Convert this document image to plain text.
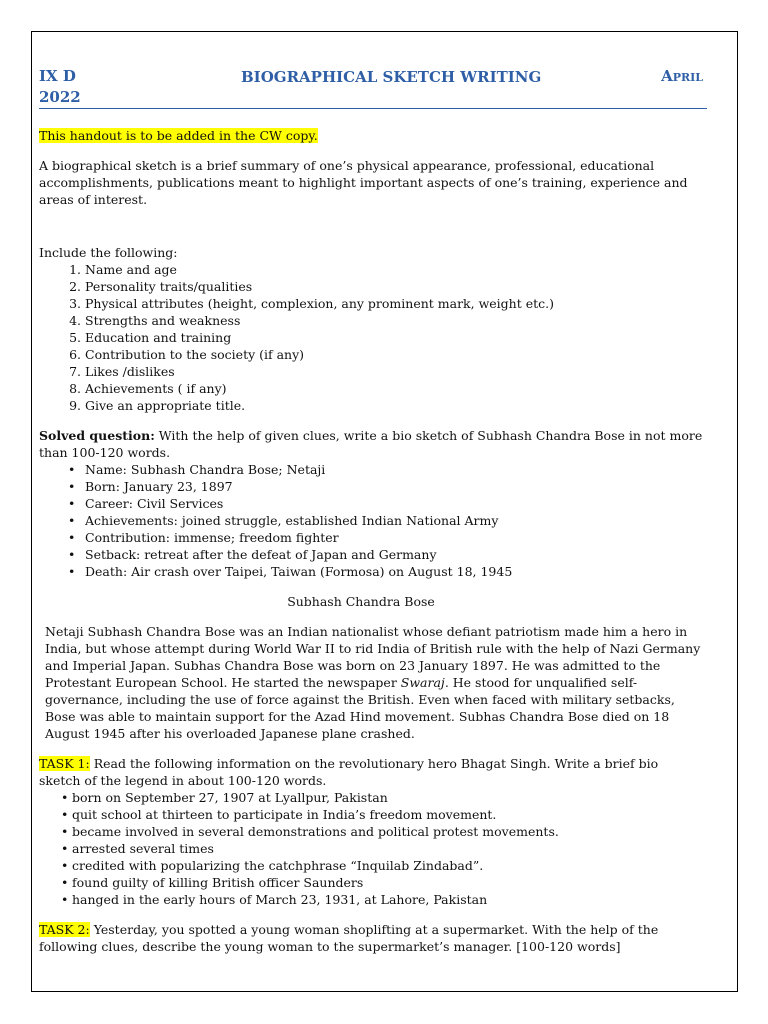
IX D	BIOGRAPHICAL SKETCH WRITING	April
2022

This handout is to be added in the CW copy.

A biographical sketch is a brief summary of one’s physical appearance, professional, educational accomplishments, publications meant to highlight important aspects of one’s training, experience and areas of interest.

Include the following:

1. Name and age
2. Personality traits/qualities
3. Physical attributes (height, complexion, any prominent mark, weight etc.)
4. Strengths and weakness
5. Education and training
6. Contribution to the society (if any)
7. Likes /dislikes
8. Achievements ( if any)
9. Give an appropriate title.

Solved question: With the help of given clues, write a bio sketch of Subhash Chandra Bose in not more than 100-120 words.

• Name: Subhash Chandra Bose; Netaji
• Born: January 23, 1897
• Career: Civil Services
• Achievements: joined struggle, established Indian National Army
• Contribution: immense; freedom fighter
• Setback: retreat after the defeat of Japan and Germany
• Death: Air crash over Taipei, Taiwan (Formosa) on August 18, 1945

Subhash Chandra Bose

Netaji Subhash Chandra Bose was an Indian nationalist whose defiant patriotism made him a hero in India, but whose attempt during World War II to rid India of British rule with the help of Nazi Germany and Imperial Japan. Subhas Chandra Bose was born on 23 January 1897. He was admitted to the Protestant European School. He started the newspaper Swaraj. He stood for unqualified self-governance, including the use of force against the British. Even when faced with military setbacks, Bose was able to maintain support for the Azad Hind movement. Subhas Chandra Bose died on 18 August 1945 after his overloaded Japanese plane crashed.

TASK 1: Read the following information on the revolutionary hero Bhagat Singh. Write a brief bio sketch of the legend in about 100-120 words.

• born on September 27, 1907 at Lyallpur, Pakistan
• quit school at thirteen to participate in India’s freedom movement.
• became involved in several demonstrations and political protest movements.
• arrested several times
• credited with popularizing the catchphrase “Inquilab Zindabad”.
• found guilty of killing British officer Saunders
• hanged in the early hours of March 23, 1931, at Lahore, Pakistan

TASK 2: Yesterday, you spotted a young woman shoplifting at a supermarket. With the help of the following clues, describe the young woman to the supermarket’s manager. [100-120 words]
